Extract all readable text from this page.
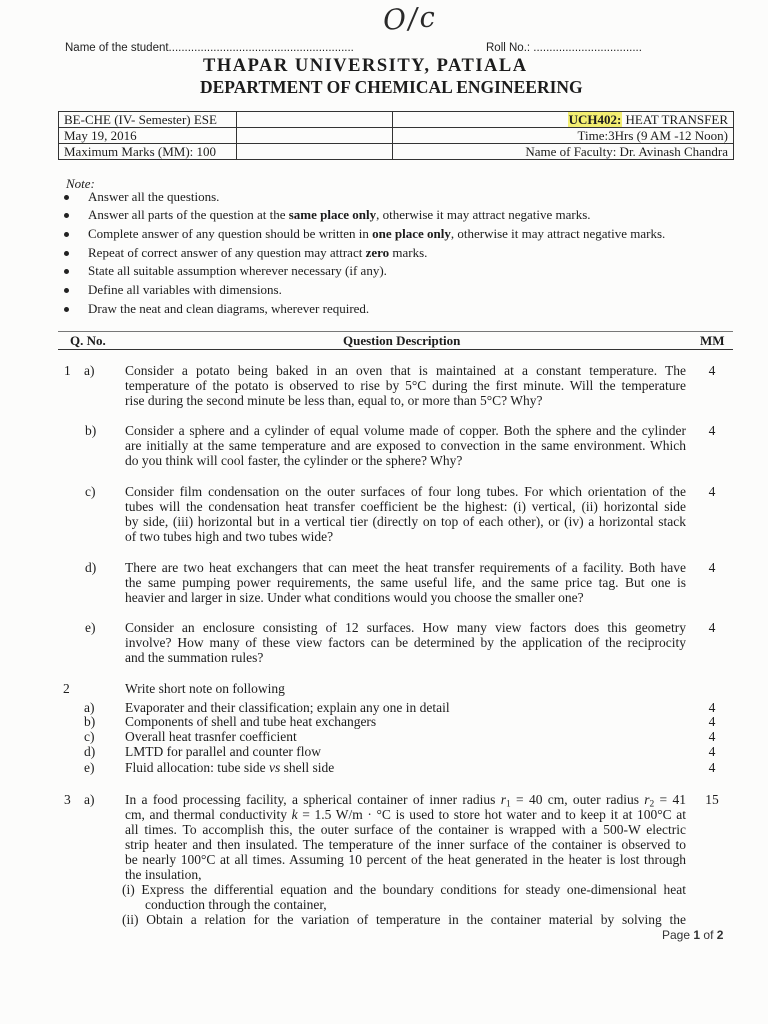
O/c
Name of the student..........................................................	Roll No.: ..................................
THAPAR UNIVERSITY, PATIALA
DEPARTMENT OF CHEMICAL ENGINEERING
BE-CHE (IV- Semester) ESE		UCH402: HEAT TRANSFER
May 19, 2016		Time:3Hrs (9 AM -12 Noon)
Maximum Marks (MM): 100		Name of Faculty: Dr. Avinash Chandra
Note:
Answer all the questions.
Answer all parts of the question at the same place only, otherwise it may attract negative marks.
Complete answer of any question should be written in one place only, otherwise it may attract negative marks.
Repeat of correct answer of any question may attract zero marks.
State all suitable assumption wherever necessary (if any).
Define all variables with dimensions.
Draw the neat and clean diagrams, wherever required.
Q. No.	Question Description	MM
1 a) Consider a potato being baked in an oven that is maintained at a constant temperature. The
temperature of the potato is observed to rise by 5°C during the first minute. Will the temperature
rise during the second minute be less than, equal to, or more than 5°C? Why?
4
b) Consider a sphere and a cylinder of equal volume made of copper. Both the sphere and the cylinder
are initially at the same temperature and are exposed to convection in the same environment. Which
do you think will cool faster, the cylinder or the sphere? Why?
4
c) Consider film condensation on the outer surfaces of four long tubes. For which orientation of the
tubes will the condensation heat transfer coefficient be the highest: (i) vertical, (ii) horizontal side
by side, (iii) horizontal but in a vertical tier (directly on top of each other), or (iv) a horizontal stack
of two tubes high and two tubes wide?
4
d) There are two heat exchangers that can meet the heat transfer requirements of a facility. Both have
the same pumping power requirements, the same useful life, and the same price tag. But one is
heavier and larger in size. Under what conditions would you choose the smaller one?
4
e) Consider an enclosure consisting of 12 surfaces. How many view factors does this geometry
involve? How many of these view factors can be determined by the application of the reciprocity
and the summation rules?
4
2	Write short note on following
a) Evaporater and their classification; explain any one in detail	4
b) Components of shell and tube heat exchangers	4
c) Overall heat trasnfer coefficient	4
d) LMTD for parallel and counter flow	4
e) Fluid allocation: tube side vs shell side	4
3 a) In a food processing facility, a spherical container of inner radius $r_1 = 40$ cm, outer radius $r_2 = 41$
cm, and thermal conductivity k = 1.5 W/m · °C is used to store hot water and to keep it at 100°C at
all times. To accomplish this, the outer surface of the container is wrapped with a 500-W electric
strip heater and then insulated. The temperature of the inner surface of the container is observed to
be nearly 100°C at all times. Assuming 10 percent of the heat generated in the heater is lost through
the insulation,
(i) Express the differential equation and the boundary conditions for steady one-dimensional heat
conduction through the container,
(ii) Obtain a relation for the variation of temperature in the container material by solving the
15
Page 1 of 2
